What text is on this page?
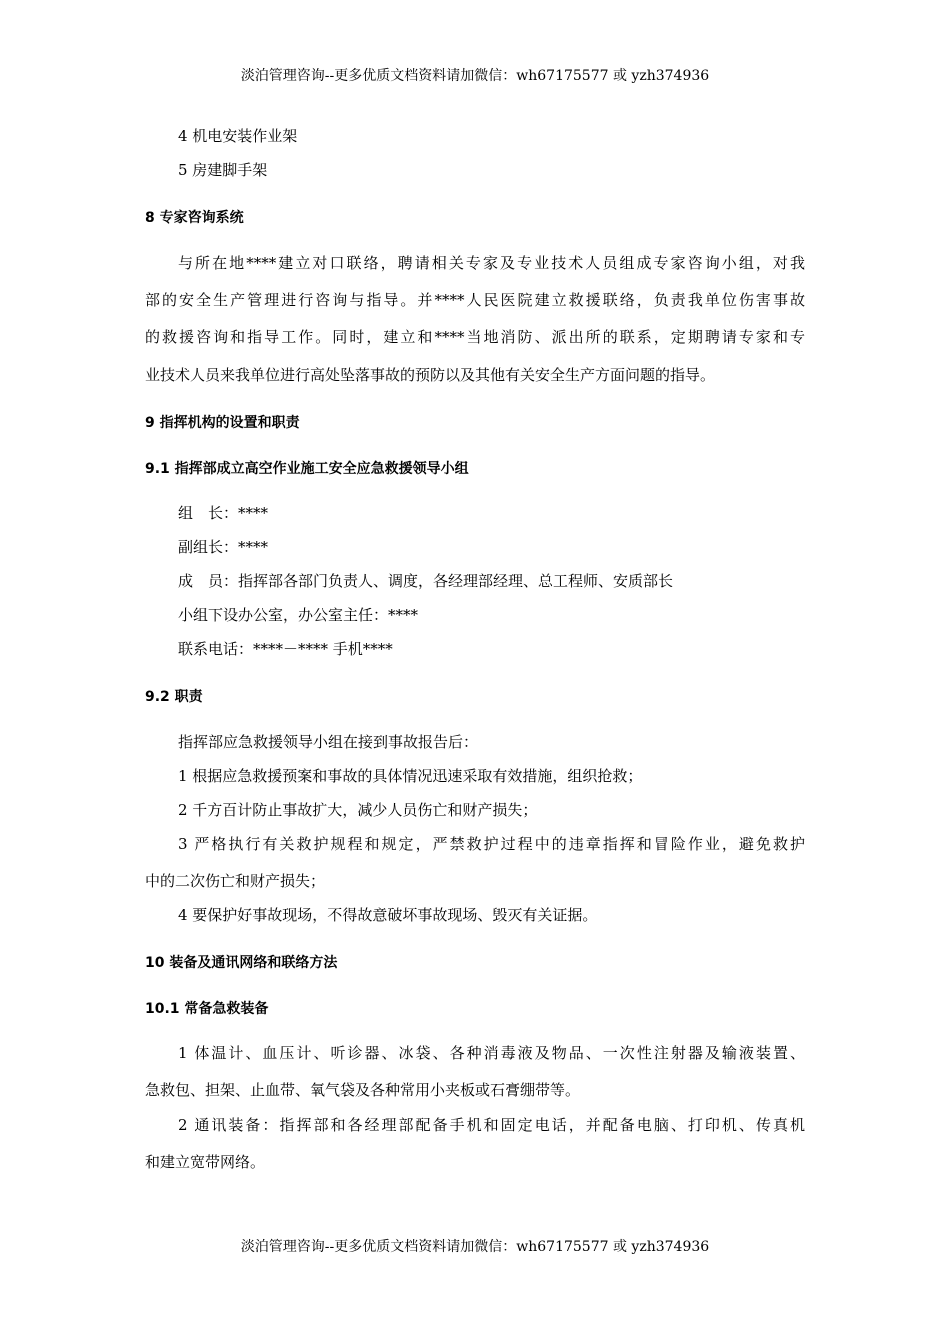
淡泊管理咨询--更多优质文档资料请加微信：wh67175577 或 yzh374936
4 机电安装作业架
5 房建脚手架
8 专家咨询系统
与所在地****建立对口联络，聘请相关专家及专业技术人员组成专家咨询小组，对我
部的安全生产管理进行咨询与指导。并****人民医院建立救援联络，负责我单位伤害事故
的救援咨询和指导工作。同时，建立和****当地消防、派出所的联系，定期聘请专家和专
业技术人员来我单位进行高处坠落事故的预防以及其他有关安全生产方面问题的指导。
9 指挥机构的设置和职责
9.1 指挥部成立高空作业施工安全应急救援领导小组
组　长：****
副组长：****
成　员：指挥部各部门负责人、调度，各经理部经理、总工程师、安质部长
小组下设办公室，办公室主任：****
联系电话：****－**** 手机****
9.2 职责
指挥部应急救援领导小组在接到事故报告后：
1 根据应急救援预案和事故的具体情况迅速采取有效措施，组织抢救；
2 千方百计防止事故扩大，减少人员伤亡和财产损失；
3 严格执行有关救护规程和规定，严禁救护过程中的违章指挥和冒险作业，避免救护
中的二次伤亡和财产损失；
4 要保护好事故现场，不得故意破坏事故现场、毁灭有关证据。
10 装备及通讯网络和联络方法
10.1 常备急救装备
1 体温计、血压计、听诊器、冰袋、各种消毒液及物品、一次性注射器及输液装置、
急救包、担架、止血带、氧气袋及各种常用小夹板或石膏绷带等。
2 通讯装备：指挥部和各经理部配备手机和固定电话，并配备电脑、打印机、传真机
和建立宽带网络。
淡泊管理咨询--更多优质文档资料请加微信：wh67175577 或 yzh374936
